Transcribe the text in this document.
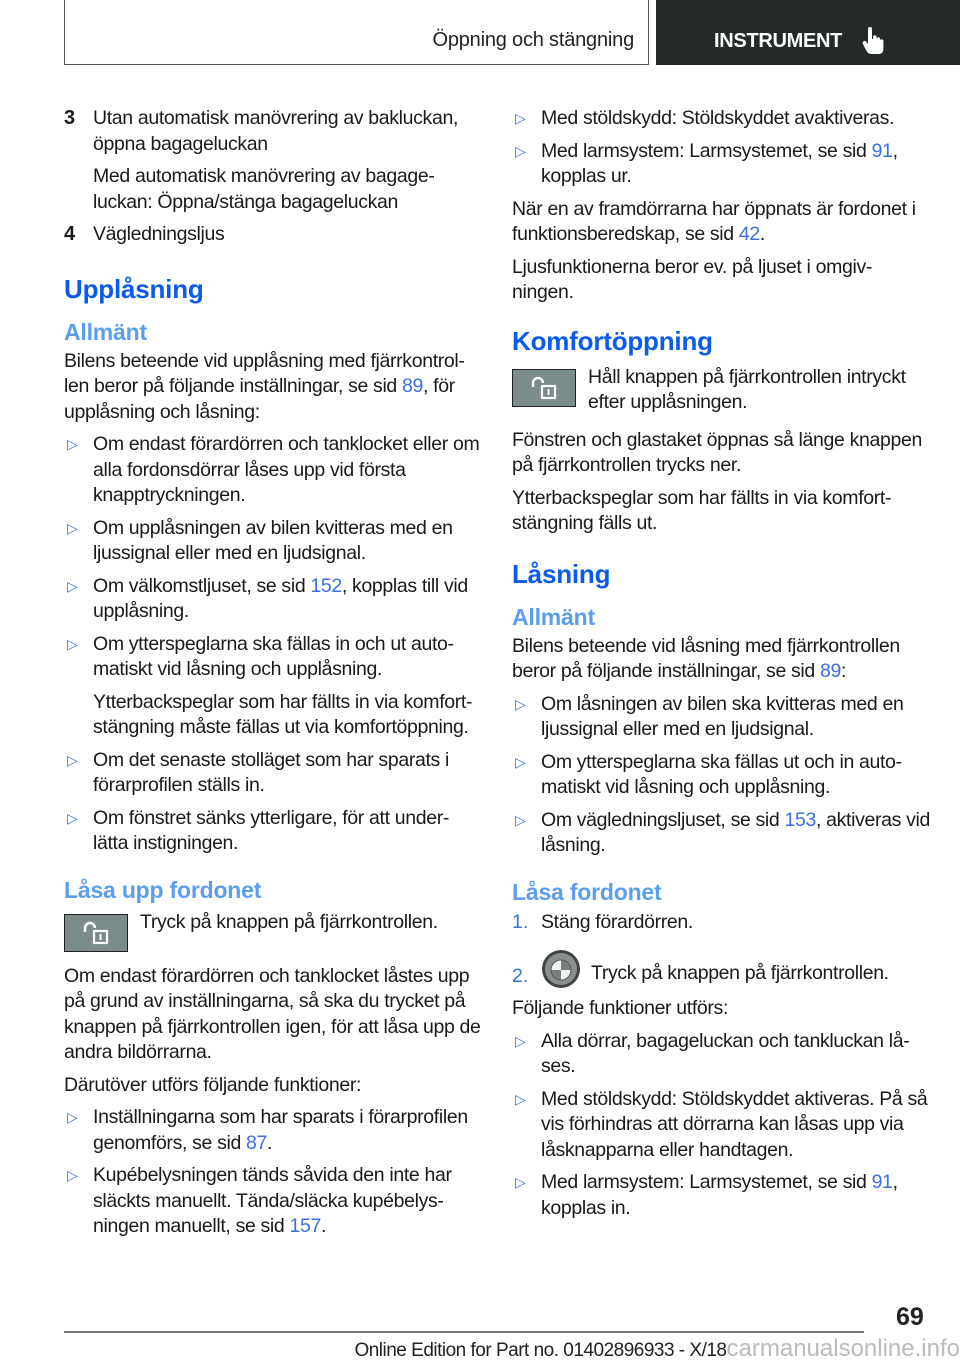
Öppning och stängning	INSTRUMENT
3 Utan automatisk manövrering av bakluckan, öppna bagageluckan
Med automatisk manövrering av bagage-luckan: Öppna/stänga bagageluckan
4 Vägledningsljus
Upplåsning
Allmänt
Bilens beteende vid upplåsning med fjärrkontrol-len beror på följande inställningar, se sid 89, för upplåsning och låsning:
▷ Om endast förardörren och tanklocket eller om alla fordonsdörrar låses upp vid första knapptryckningen.
▷ Om upplåsningen av bilen kvitteras med en ljussignal eller med en ljudsignal.
▷ Om välkomstljuset, se sid 152, kopplas till vid upplåsning.
▷ Om ytterspeglarna ska fällas in och ut auto-matiskt vid låsning och upplåsning.
Ytterbackspeglar som har fällts in via komfort-stängning måste fällas ut via komfortöppning.
▷ Om det senaste stolläget som har sparats i förarprofilen ställs in.
▷ Om fönstret sänks ytterligare, för att under-lätta instigningen.
Låsa upp fordonet
Tryck på knappen på fjärrkontrollen.
Om endast förardörren och tanklocket låstes upp på grund av inställningarna, så ska du trycket på knappen på fjärrkontrollen igen, för att låsa upp de andra bildörrarna.
Därutöver utförs följande funktioner:
▷ Inställningarna som har sparats i förarprofilen genomförs, se sid 87.
▷ Kupébelysningen tänds såvida den inte har släckts manuellt. Tända/släcka kupébelys-ningen manuellt, se sid 157.
▷ Med stöldskydd: Stöldskyddet avaktiveras.
▷ Med larmsystem: Larmsystemet, se sid 91, kopplas ur.
När en av framdörrarna har öppnats är fordonet i funktionsberedskap, se sid 42.
Ljusfunktionerna beror ev. på ljuset i omgiv-ningen.
Komfortöppning
Håll knappen på fjärrkontrollen intryckt efter upplåsningen.
Fönstren och glastaket öppnas så länge knappen på fjärrkontrollen trycks ner.
Ytterbackspeglar som har fällts in via komfort-stängning fälls ut.
Låsning
Allmänt
Bilens beteende vid låsning med fjärrkontrollen beror på följande inställningar, se sid 89:
▷ Om låsningen av bilen ska kvitteras med en ljussignal eller med en ljudsignal.
▷ Om ytterspeglarna ska fällas ut och in auto-matiskt vid låsning och upplåsning.
▷ Om vägledningsljuset, se sid 153, aktiveras vid låsning.
Låsa fordonet
1. Stäng förardörren.
2.	Tryck på knappen på fjärrkontrollen.
Följande funktioner utförs:
▷ Alla dörrar, bagageluckan och tankluckan lå-ses.
▷ Med stöldskydd: Stöldskyddet aktiveras. På så vis förhindras att dörrarna kan låsas upp via låsknapparna eller handtagen.
▷ Med larmsystem: Larmsystemet, se sid 91, kopplas in.
69
Online Edition for Part no. 01402896933 - X/18carmanualsonline.info
